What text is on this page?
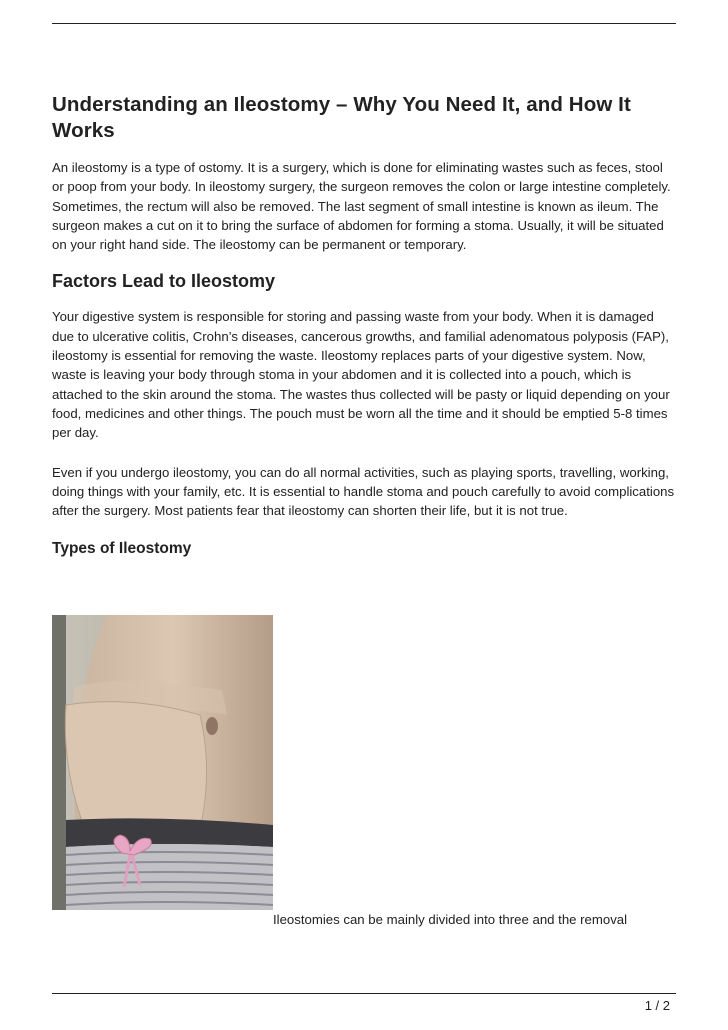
Understanding an Ileostomy – Why You Need It, and How It Works

An ileostomy is a type of ostomy. It is a surgery, which is done for eliminating wastes such as feces, stool or poop from your body. In ileostomy surgery, the surgeon removes the colon or large intestine completely. Sometimes, the rectum will also be removed. The last segment of small intestine is known as ileum. The surgeon makes a cut on it to bring the surface of abdomen for forming a stoma. Usually, it will be situated on your right hand side. The ileostomy can be permanent or temporary.

Factors Lead to Ileostomy

Your digestive system is responsible for storing and passing waste from your body. When it is damaged due to ulcerative colitis, Crohn’s diseases, cancerous growths, and familial adenomatous polyposis (FAP), ileostomy is essential for removing the waste. Ileostomy replaces parts of your digestive system. Now, waste is leaving your body through stoma in your abdomen and it is collected into a pouch, which is attached to the skin around the stoma. The wastes thus collected will be pasty or liquid depending on your food, medicines and other things. The pouch must be worn all the time and it should be emptied 5-8 times per day.

Even if you undergo ileostomy, you can do all normal activities, such as playing sports, travelling, working, doing things with your family, etc. It is essential to handle stoma and pouch carefully to avoid complications after the surgery. Most patients fear that ileostomy can shorten their life, but it is not true.

Types of Ileostomy
Ileostomies can be mainly divided into three and the removal
1 / 2
